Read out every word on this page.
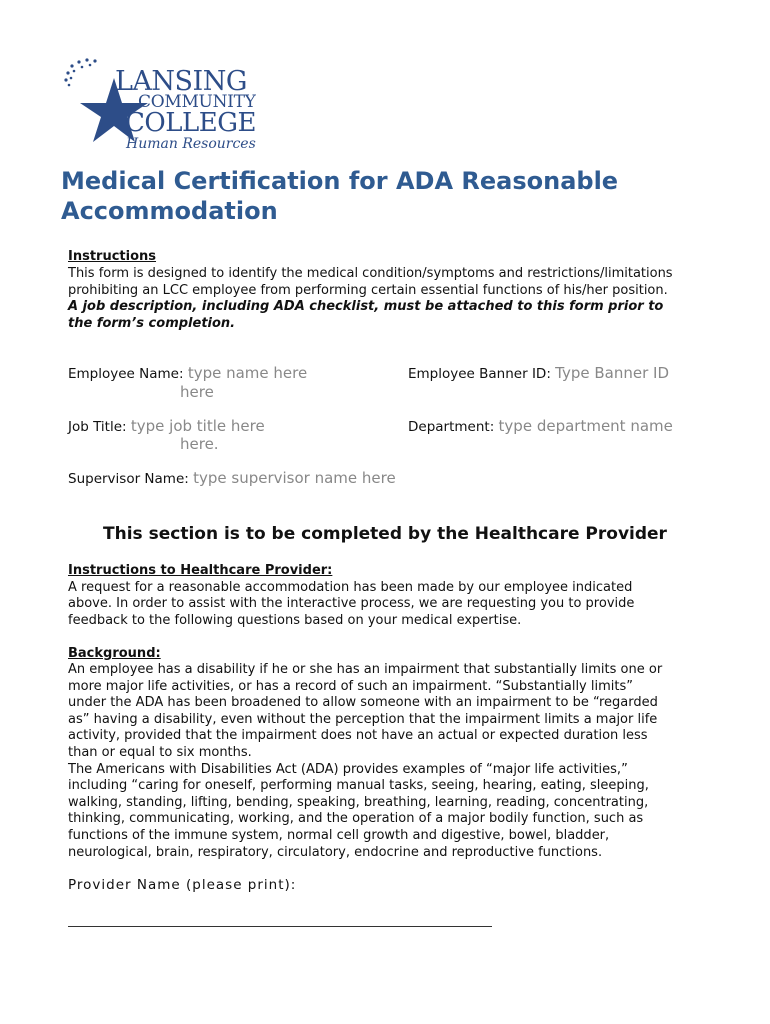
LANSING
COMMUNITY
COLLEGE
Human Resources
Medical Certification for ADA Reasonable Accommodation

Instructions

This form is designed to identify the medical condition/symptoms and restrictions/limitations

prohibiting an LCC employee from performing certain essential functions of his/her position.

A job description, including ADA checklist, must be attached to this form prior to

the form’s completion.

Employee Name: type name here
here
Employee Banner ID: Type Banner ID
Job Title: type job title here
here.
Department: type department name
Supervisor Name: type supervisor name here
This section is to be completed by the Healthcare Provider

Instructions to Healthcare Provider:

A request for a reasonable accommodation has been made by our employee indicated

above. In order to assist with the interactive process, we are requesting you to provide

feedback to the following questions based on your medical expertise.

Background:

An employee has a disability if he or she has an impairment that substantially limits one or

more major life activities, or has a record of such an impairment. “Substantially limits”

under the ADA has been broadened to allow someone with an impairment to be “regarded

as” having a disability, even without the perception that the impairment limits a major life

activity, provided that the impairment does not have an actual or expected duration less

than or equal to six months.

The Americans with Disabilities Act (ADA) provides examples of “major life activities,”

including “caring for oneself, performing manual tasks, seeing, hearing, eating, sleeping,

walking, standing, lifting, bending, speaking, breathing, learning, reading, concentrating,

thinking, communicating, working, and the operation of a major bodily function, such as

functions of the immune system, normal cell growth and digestive, bowel, bladder,

neurological, brain, respiratory, circulatory, endocrine and reproductive functions.

Provider Name (please print):
